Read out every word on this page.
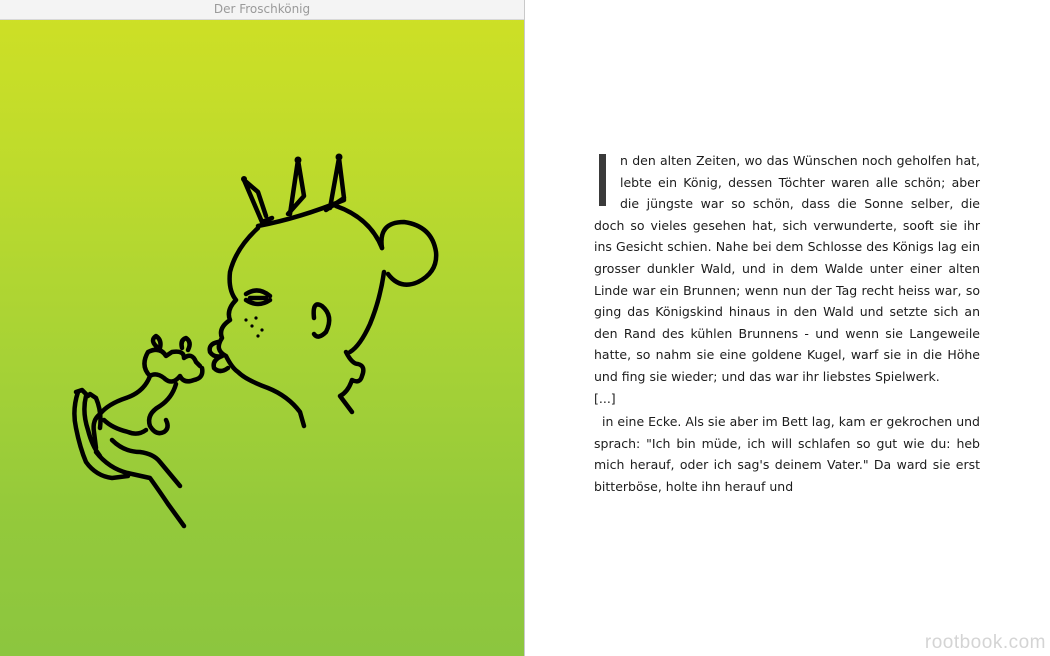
Der Froschkönig

n den alten Zeiten, wo das Wünschen noch geholfen hat, lebte ein König, dessen Töchter waren alle schön; aber die jüngste war so schön, dass die Sonne selber, die doch so vieles gesehen hat, sich verwunderte, sooft sie ihr ins Gesicht schien. Nahe bei dem Schlosse des Königs lag ein grosser dunkler Wald, und in dem Walde unter einer alten Linde war ein Brunnen; wenn nun der Tag recht heiss war, so ging das Königskind hinaus in den Wald und setzte sich an den Rand des kühlen Brunnens - und wenn sie Langeweile hatte, so nahm sie eine goldene Kugel, warf sie in die Höhe und fing sie wieder; und das war ihr liebstes Spielwerk.

[...]

in eine Ecke. Als sie aber im Bett lag, kam er gekrochen und sprach: "Ich bin müde, ich will schlafen so gut wie du: heb mich herauf, oder ich sag's deinem Vater." Da ward sie erst bitterböse, holte ihn herauf und

rootbook.com
